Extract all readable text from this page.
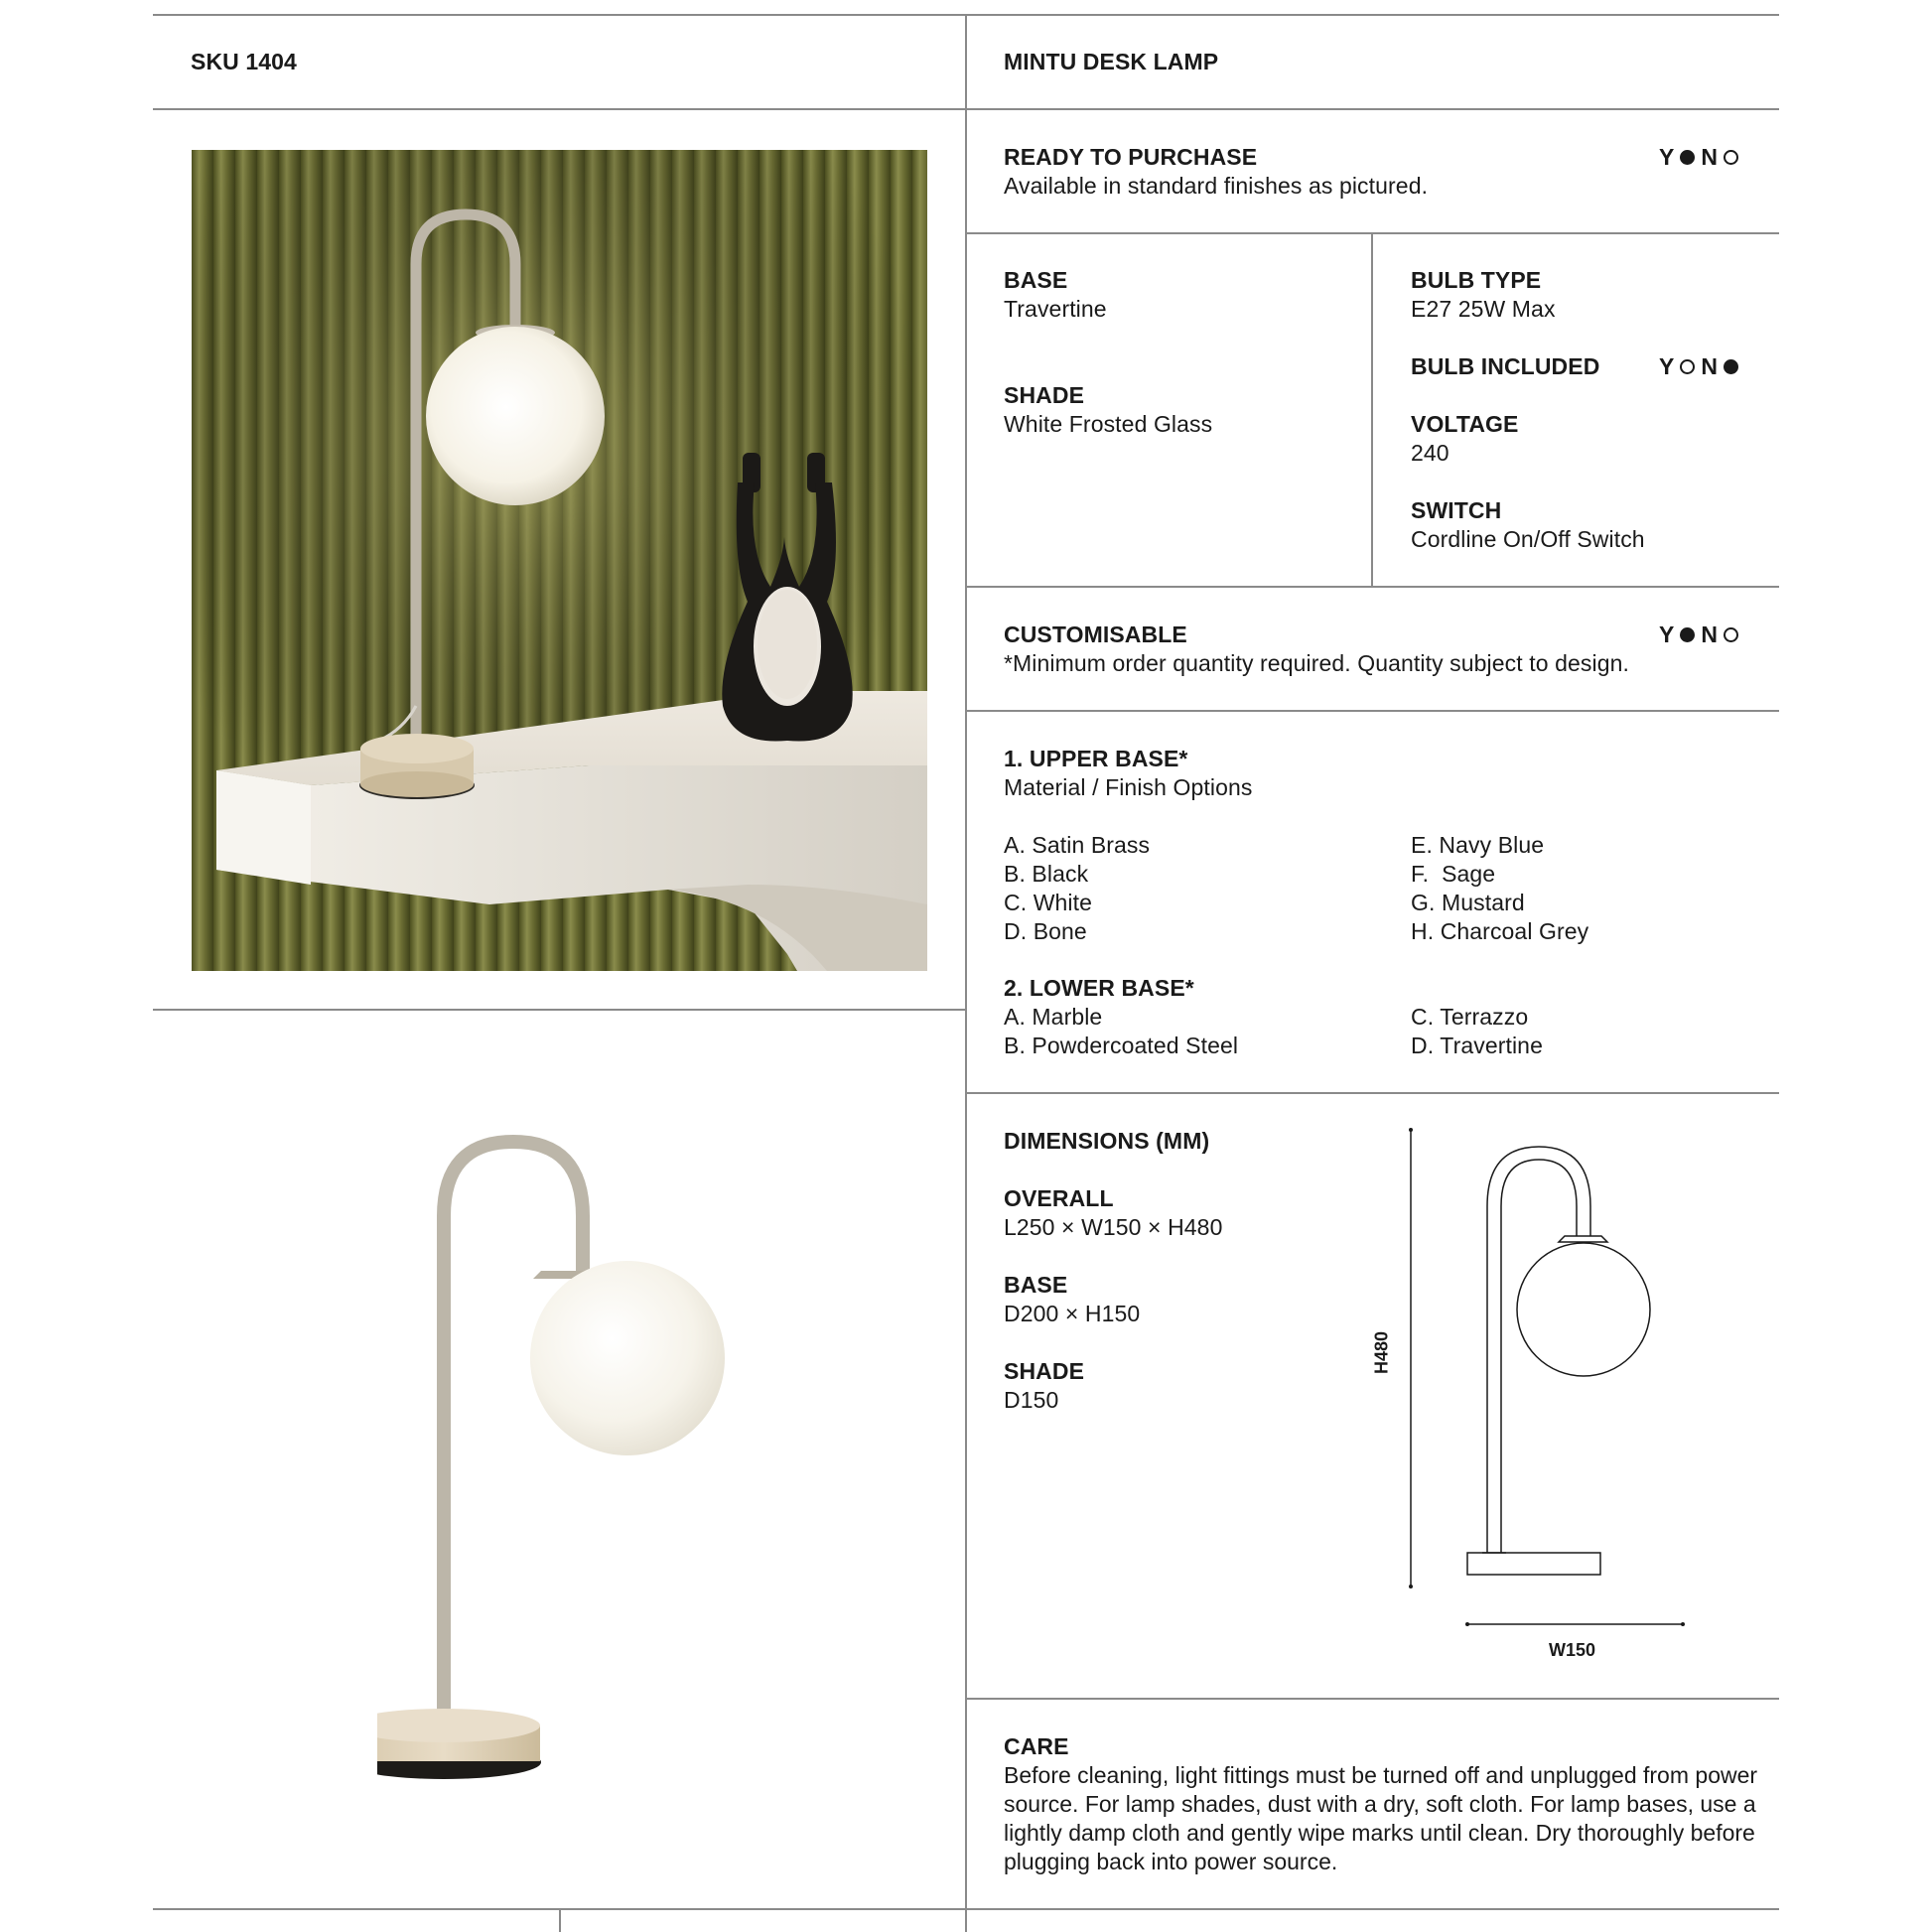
SKU 1404	MINTU DESK LAMP
READY TO PURCHASE
Available in standard finishes as pictured.
Y N
BASE
Travertine
SHADE
White Frosted Glass
BULB TYPE
E27 25W Max
BULB INCLUDED	Y N
VOLTAGE
240
SWITCH
Cordline On/Off Switch
CUSTOMISABLE
*Minimum order quantity required. Quantity subject to design.
Y N
1. UPPER BASE*
Material / Finish Options
A. Satin Brass
B. Black
C. White
D. Bone
E. Navy Blue
F.  Sage
G. Mustard
H. Charcoal Grey
2. LOWER BASE*
A. Marble
B. Powdercoated Steel
C. Terrazzo
D. Travertine
DIMENSIONS (MM)
OVERALL
L250 × W150 × H480
BASE
D200 × H150
SHADE
D150
H480
W150
CARE
Before cleaning, light fittings must be turned off and unplugged from power source. For lamp shades, dust with a dry, soft cloth. For lamp bases, use a lightly damp cloth and gently wipe marks until clean. Dry thoroughly before plugging back into power source.
